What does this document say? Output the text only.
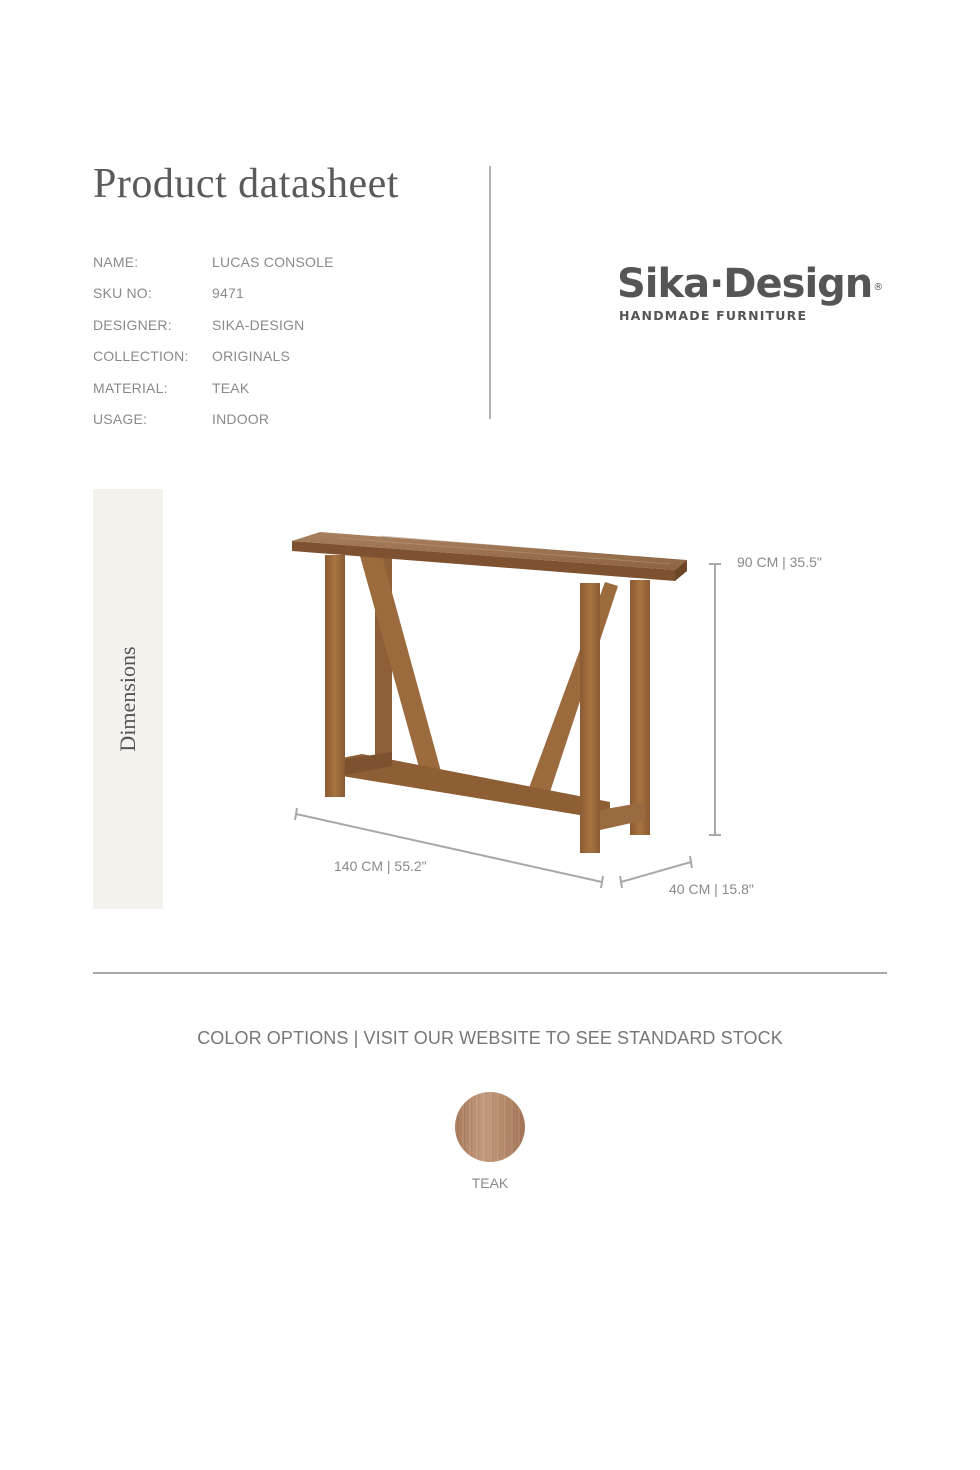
Product datasheet
NAME:	LUCAS CONSOLE
SKU NO:	9471
DESIGNER:	SIKA-DESIGN
COLLECTION:	ORIGINALS
MATERIAL:	TEAK
USAGE:	INDOOR
Sika·Design ®
HANDMADE FURNITURE
Dimensions
90 CM | 35.5"
140 CM | 55.2"
40 CM | 15.8"
COLOR OPTIONS | VISIT OUR WEBSITE TO SEE STANDARD STOCK
TEAK
